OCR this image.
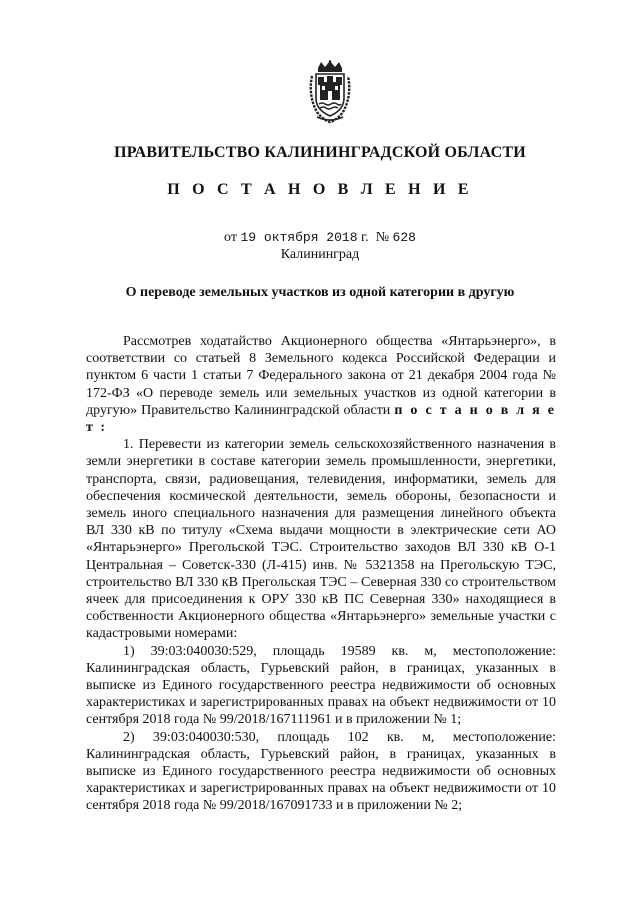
ПРАВИТЕЛЬСТВО КАЛИНИНГРАДСКОЙ ОБЛАСТИ
П О С Т А Н О В Л Е Н И Е
от 19 октября 2018 г. № 628
Калининград
О переводе земельных участков из одной категории в другую

Рассмотрев ходатайство Акционерного общества «Янтарьэнерго», в соответствии со статьей 8 Земельного кодекса Российской Федерации и пунктом 6 части 1 статьи 7 Федерального закона от 21 декабря 2004 года № 172-ФЗ «О переводе земель или земельных участков из одной категории в другую» Правительство Калининградской области п о с т а н о в л я е т :

1. Перевести из категории земель сельскохозяйственного назначения в земли энергетики в составе категории земель промышленности, энергетики, транспорта, связи, радиовещания, телевидения, информатики, земель для обеспечения космической деятельности, земель обороны, безопасности и земель иного специального назначения для размещения линейного объекта ВЛ 330 кВ по титулу «Схема выдачи мощности в электрические сети АО «Янтарьэнерго» Прегольской ТЭС. Строительство заходов ВЛ 330 кВ О-1 Центральная – Советск-330 (Л-415) инв. № 5321358 на Прегольскую ТЭС, строительство ВЛ 330 кВ Прегольская ТЭС – Северная 330 со строительством ячеек для присоединения к ОРУ 330 кВ ПС Северная 330» находящиеся в собственности Акционерного общества «Янтарьэнерго» земельные участки с кадастровыми номерами:

1) 39:03:040030:529, площадь 19589 кв. м, местоположение: Калининградская область, Гурьевский район, в границах, указанных в выписке из Единого государственного реестра недвижимости об основных характеристиках и зарегистрированных правах на объект недвижимости от 10 сентября 2018 года № 99/2018/167111961 и в приложении № 1;

2) 39:03:040030:530, площадь 102 кв. м, местоположение: Калининградская область, Гурьевский район, в границах, указанных в выписке из Единого государственного реестра недвижимости об основных характеристиках и зарегистрированных правах на объект недвижимости от 10 сентября 2018 года № 99/2018/167091733 и в приложении № 2;
